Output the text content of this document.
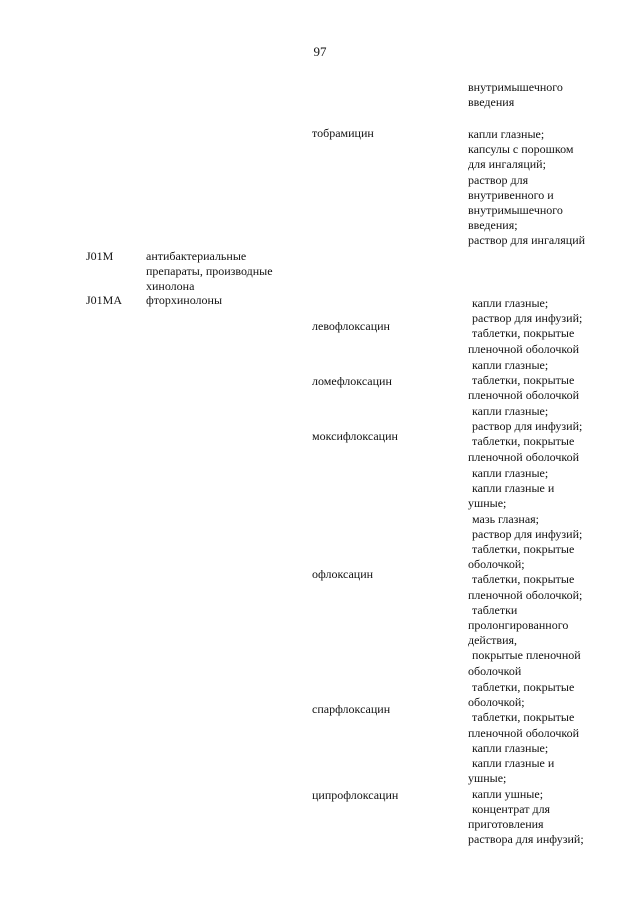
97
внутримышечного
введения
тобрамицин	капли глазные;
капсулы с порошком
для ингаляций;
раствор для
внутривенного и
внутримышечного
введения;
раствор для ингаляций
J01M	антибактериальные
препараты, производные
хинолона
J01MA фторхинолоны
левофлоксацин
капли глазные;
раствор для инфузий;
таблетки, покрытые
пленочной оболочкой
ломефлоксацин
капли глазные;
таблетки, покрытые
пленочной оболочкой
моксифлоксацин
капли глазные;
раствор для инфузий;
таблетки, покрытые
пленочной оболочкой
офлоксацин
капли глазные;
капли глазные и
ушные;
мазь глазная;
раствор для инфузий;
таблетки, покрытые
оболочкой;
таблетки, покрытые
пленочной оболочкой;
таблетки
пролонгированного
действия,
покрытые пленочной
оболочкой
спарфлоксацин
таблетки, покрытые
оболочкой;
таблетки, покрытые
пленочной оболочкой
ципрофлоксацин
капли глазные;
капли глазные и
ушные;
капли ушные;
концентрат для
приготовления
раствора для инфузий;
